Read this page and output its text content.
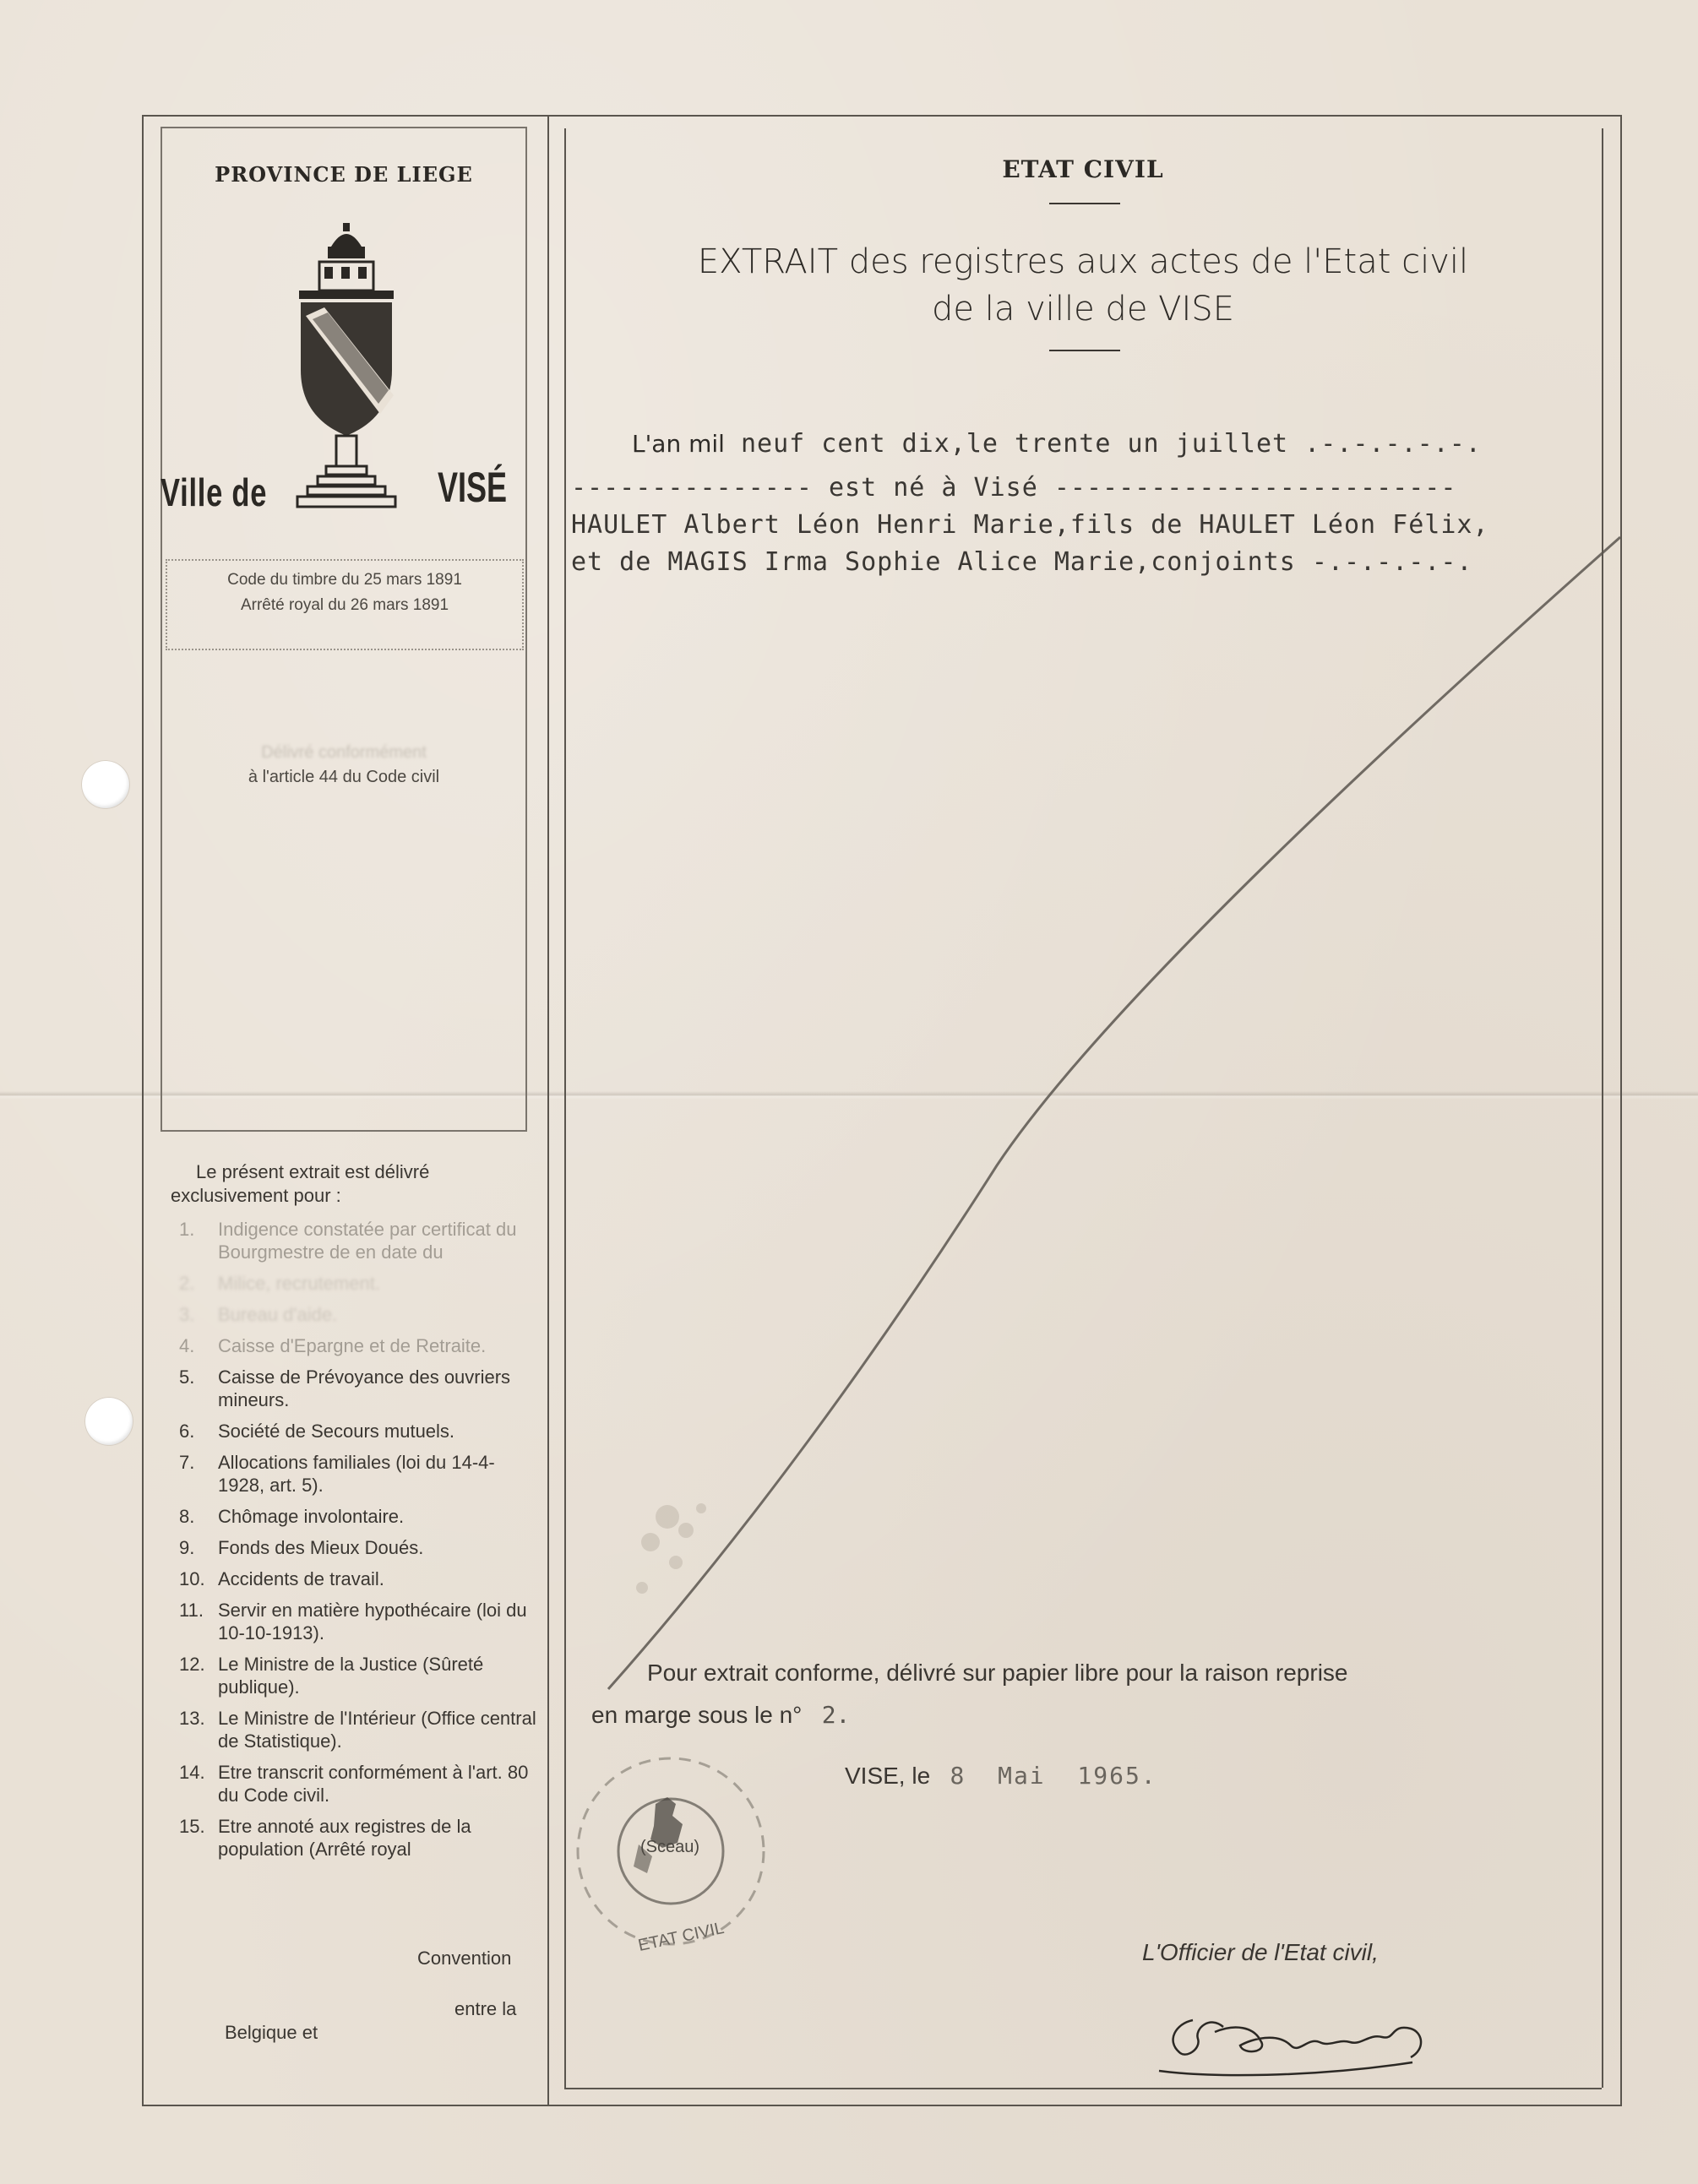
PROVINCE DE LIEGE
Ville de	VISÉ
Code du timbre du 25 mars 1891
Arrêté royal du 26 mars 1891
Délivré conformément
à l'article 44 du Code civil
Le présent extrait est délivré
exclusivement pour :
1. Indigence constatée par certificat du Bourgmestre de en date du
2. Milice, recrutement.
3. Bureau d'aide.
4. Caisse d'Epargne et de Retraite.
5. Caisse de Prévoyance des ouvriers mineurs.
6. Société de Secours mutuels.
7. Allocations familiales (loi du 14-4-1928, art. 5).
8. Chômage involontaire.
9. Fonds des Mieux Doués.
10. Accidents de travail.
11. Servir en matière hypothécaire (loi du 10-10-1913).
12. Le Ministre de la Justice (Sûreté publique).
13. Le Ministre de l'Intérieur (Office central de Statistique).
14. Etre transcrit conformément à l'art. 80 du Code civil.
15. Etre annoté aux registres de la population (Arrêté royal
Convention
entre la
Belgique et
ETAT CIVIL
EXTRAIT des registres aux actes de l'Etat civil
de la ville de VISE
L'an mil neuf cent dix,le trente un juillet .-.-.-.-.-.
--------------- est né à Visé -------------------------
HAULET Albert Léon Henri Marie,fils de HAULET Léon Félix,
et de MAGIS Irma Sophie Alice Marie,conjoints -.-.-.-.-.
Pour extrait conforme, délivré sur papier libre pour la raison reprise
en marge sous le n° 2.
VISE, le 8  Mai  1965.
ETAT CIVIL
(Sceau)
L'Officier de l'Etat civil,
